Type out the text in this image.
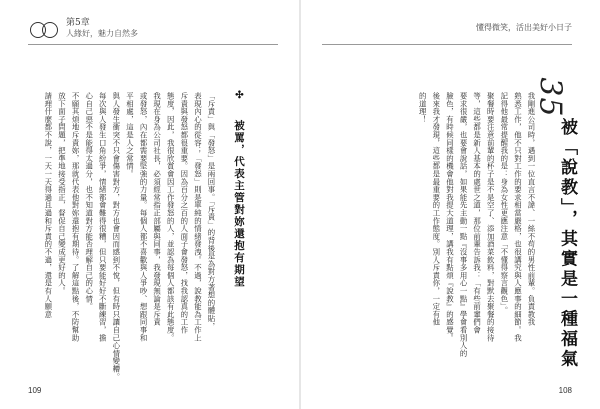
第5章
人緣好，魅力自然多
✣ 被罵，代表主管對妳還抱有期望
「斥責」與「發怒」是兩回事。「斥責」的背後是為對方著想的體貼，
表現內心的從容；「發怒」則是單純的情緒發洩。不過，說教能為工作上
斥責與發怒都很重要。因為百分之百的人面子會發怒，找我認真的工作
態度，因此，我很欣賞會因工作發怒的人，並認為每個人都該有此態度。
我現在身為公司社長，必須經常指正部屬與同事，我發現無論是斥責
或發怒，內在都需要堅強的力量。每個人都不喜歡與人爭吵、想跟同事和
平相處，這是人之常情。
與人發生衝突不只會傷害對方，對方也會因而感到不悅，但有時只讓自己心情變糟。
每次與人發生口角紛爭，情緒都會難得很糟，但只要能好好不斷練習，擔
心自己惡不是能得太過分，也不知道對方能否理解自己的心情。
不願其煩地斥責妳，那就代表他對妳還抱有期待。了解這點後，不防幫助
放下面子問題，把準地接受指正，督促自己變成更好的人。
請理什麼都不說，一天一天得過且過和斥責的不過，還是有人願意
109
懂得微笑，活出美好小日子
35
被「說教」，其實是一種福氣
我剛進公司時，遇到一位直言不諱、一絲不苟的男性前輩。負責教我
熟悉工作，他不只對工作的要求相當嚴格，也很講究與人應事的細節。我
記得他最常提醒我的是：身為女性更應注意「不懂得察言觀色」。
聚餐時要注意前輩的杯子是不是空了、添加酒菜飲料，對默去聚餐的接待
等，這些都是新人基本的處世之道，那位前輩告訴我：「有些前輩們會
要求很嚴，也要會說話，如果能先主動一點『沒事多用心一點』學會看別人的
臉色，有時候同樣的機會他對我提大道理，講我有點煩『說教』的感覺。
後來我才發現，這些都是最重要的工作態度。別人斥責你，一定有他
的道理！
108
